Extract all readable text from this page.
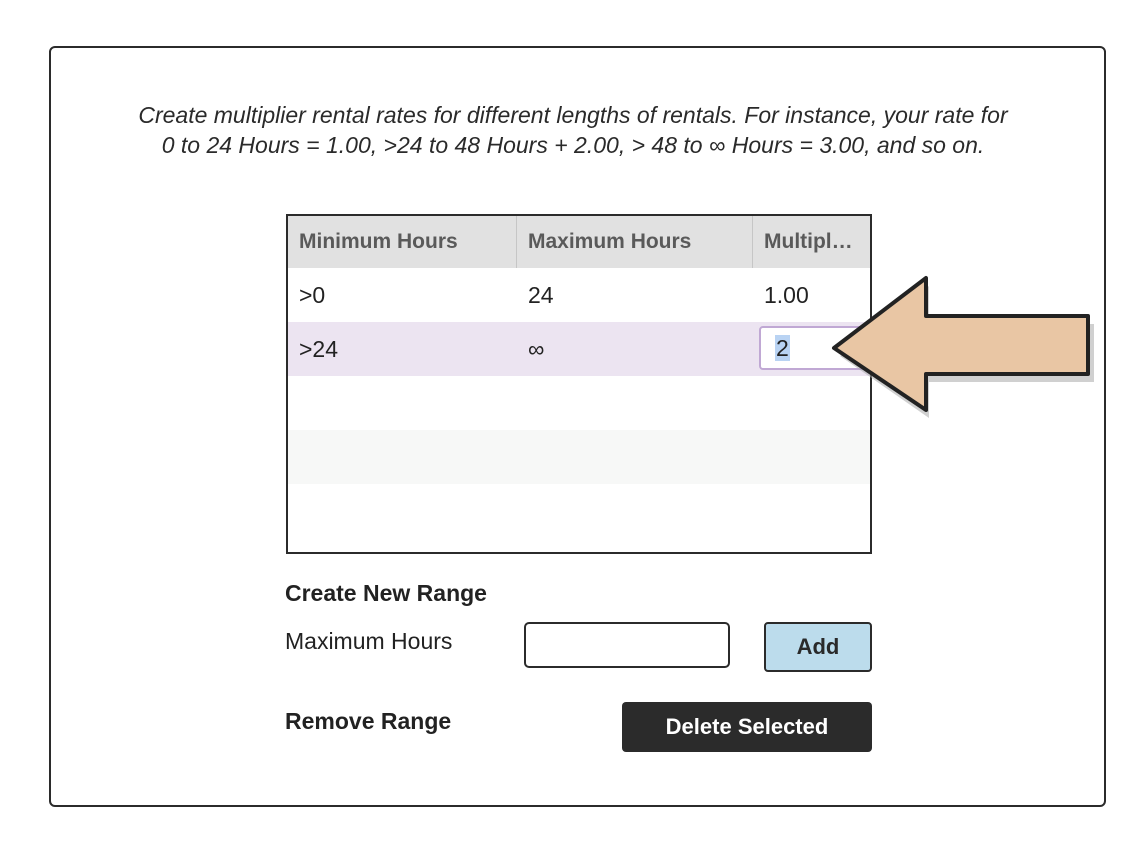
Create multiplier rental rates for different lengths of rentals. For instance, your rate for
0 to 24 Hours = 1.00, >24 to 48 Hours + 2.00, > 48 to ∞ Hours = 3.00, and so on.
Minimum Hours	Maximum Hours	Multipl…
>0	24	1.00
>24	∞	2

Create New Range

Maximum Hours	Add

Remove Range	Delete Selected
